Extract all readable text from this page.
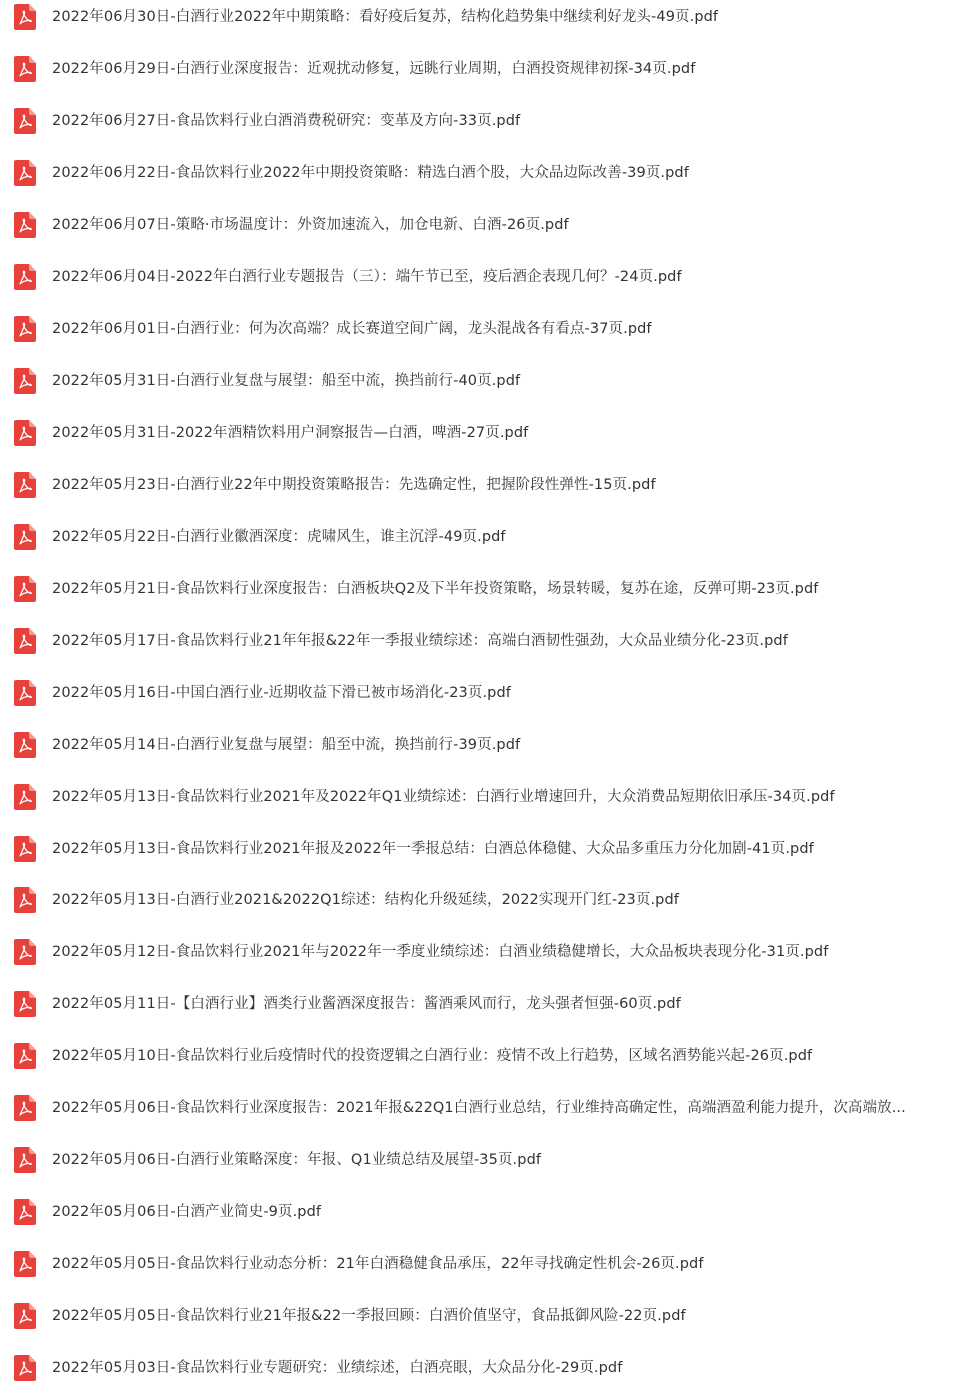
2022年06月30日-白酒行业2022年中期策略：看好疫后复苏，结构化趋势集中继续利好龙头-49页.pdf
2022年06月29日-白酒行业深度报告：近观扰动修复，远眺行业周期，白酒投资规律初探-34页.pdf
2022年06月27日-食品饮料行业白酒消费税研究：变革及方向-33页.pdf
2022年06月22日-食品饮料行业2022年中期投资策略：精选白酒个股，大众品边际改善-39页.pdf
2022年06月07日-策略·市场温度计：外资加速流入，加仓电新、白酒-26页.pdf
2022年06月04日-2022年白酒行业专题报告（三）：端午节已至，疫后酒企表现几何？-24页.pdf
2022年06月01日-白酒行业：何为次高端？成长赛道空间广阔，龙头混战各有看点-37页.pdf
2022年05月31日-白酒行业复盘与展望：船至中流，换挡前行-40页.pdf
2022年05月31日-2022年酒精饮料用户洞察报告—白酒，啤酒-27页.pdf
2022年05月23日-白酒行业22年中期投资策略报告：先选确定性，把握阶段性弹性-15页.pdf
2022年05月22日-白酒行业徽酒深度：虎啸风生，谁主沉浮-49页.pdf
2022年05月21日-食品饮料行业深度报告：白酒板块Q2及下半年投资策略，场景转暖，复苏在途，反弹可期-23页.pdf
2022年05月17日-食品饮料行业21年年报&22年一季报业绩综述：高端白酒韧性强劲，大众品业绩分化-23页.pdf
2022年05月16日-中国白酒行业-近期收益下滑已被市场消化-23页.pdf
2022年05月14日-白酒行业复盘与展望：船至中流，换挡前行-39页.pdf
2022年05月13日-食品饮料行业2021年及2022年Q1业绩综述：白酒行业增速回升，大众消费品短期依旧承压-34页.pdf
2022年05月13日-食品饮料行业2021年报及2022年一季报总结：白酒总体稳健、大众品多重压力分化加剧-41页.pdf
2022年05月13日-白酒行业2021&2022Q1综述：结构化升级延续，2022实现开门红-23页.pdf
2022年05月12日-食品饮料行业2021年与2022年一季度业绩综述：白酒业绩稳健增长，大众品板块表现分化-31页.pdf
2022年05月11日-【白酒行业】酒类行业酱酒深度报告：酱酒乘风而行，龙头强者恒强-60页.pdf
2022年05月10日-食品饮料行业后疫情时代的投资逻辑之白酒行业：疫情不改上行趋势，区域名酒势能兴起-26页.pdf
2022年05月06日-食品饮料行业深度报告：2021年报&22Q1白酒行业总结，行业维持高确定性，高端酒盈利能力提升，次高端放...
2022年05月06日-白酒行业策略深度：年报、Q1业绩总结及展望-35页.pdf
2022年05月06日-白酒产业简史-9页.pdf
2022年05月05日-食品饮料行业动态分析：21年白酒稳健食品承压，22年寻找确定性机会-26页.pdf
2022年05月05日-食品饮料行业21年报&22一季报回顾：白酒价值坚守，食品抵御风险-22页.pdf
2022年05月03日-食品饮料行业专题研究：业绩综述，白酒亮眼，大众品分化-29页.pdf
